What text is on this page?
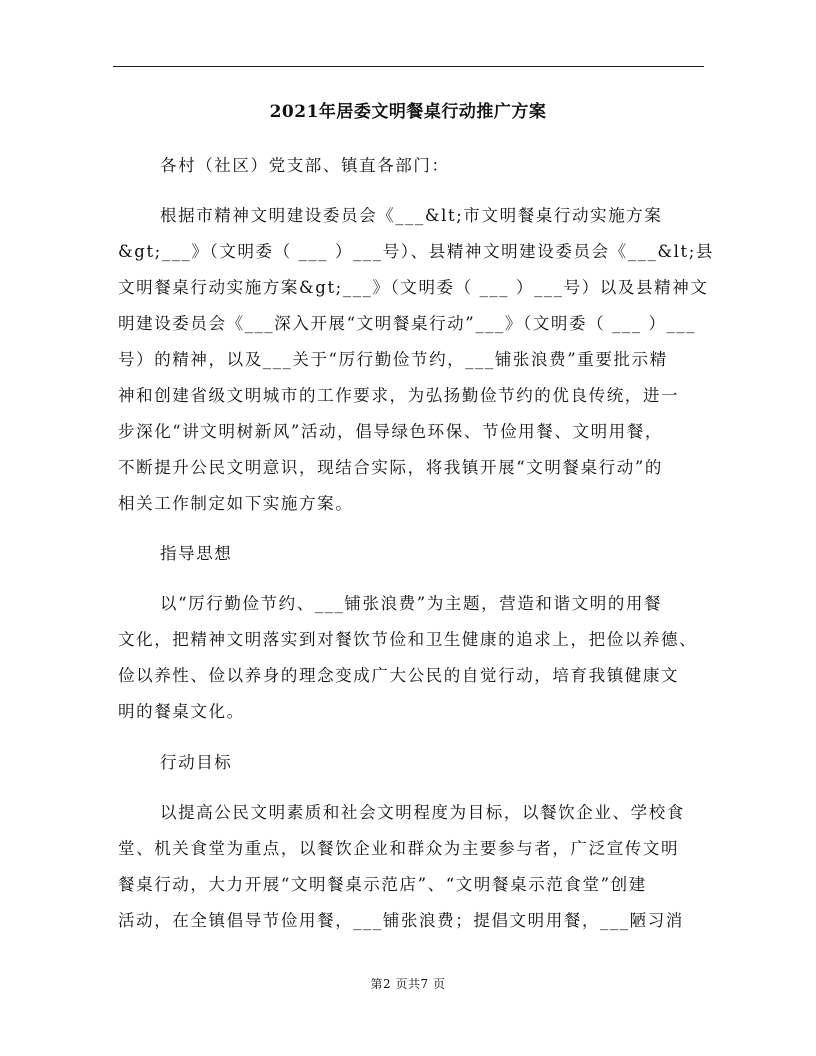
2021年居委文明餐桌行动推广方案
各村（社区）党支部、镇直各部门：
根据市精神文明建设委员会《___&lt;市文明餐桌行动实施方案
&gt;___》（文明委（ ___ ）___号）、县精神文明建设委员会《___&lt;县
文明餐桌行动实施方案&gt;___》（文明委（ ___ ）___号）以及县精神文
明建设委员会《___深入开展“文明餐桌行动”___》（文明委（ ___ ）___
号）的精神，以及___关于“厉行勤俭节约，___铺张浪费”重要批示精
神和创建省级文明城市的工作要求，为弘扬勤俭节约的优良传统，进一
步深化“讲文明树新风”活动，倡导绿色环保、节俭用餐、文明用餐，
不断提升公民文明意识，现结合实际，将我镇开展“文明餐桌行动”的
相关工作制定如下实施方案。
指导思想
以“厉行勤俭节约、___铺张浪费”为主题，营造和谐文明的用餐
文化，把精神文明落实到对餐饮节俭和卫生健康的追求上，把俭以养德、
俭以养性、俭以养身的理念变成广大公民的自觉行动，培育我镇健康文
明的餐桌文化。
行动目标
以提高公民文明素质和社会文明程度为目标，以餐饮企业、学校食
堂、机关食堂为重点，以餐饮企业和群众为主要参与者，广泛宣传文明
餐桌行动，大力开展“文明餐桌示范店”、“文明餐桌示范食堂”创建
活动，在全镇倡导节俭用餐，___铺张浪费；提倡文明用餐，___陋习消
第2 页共7 页
